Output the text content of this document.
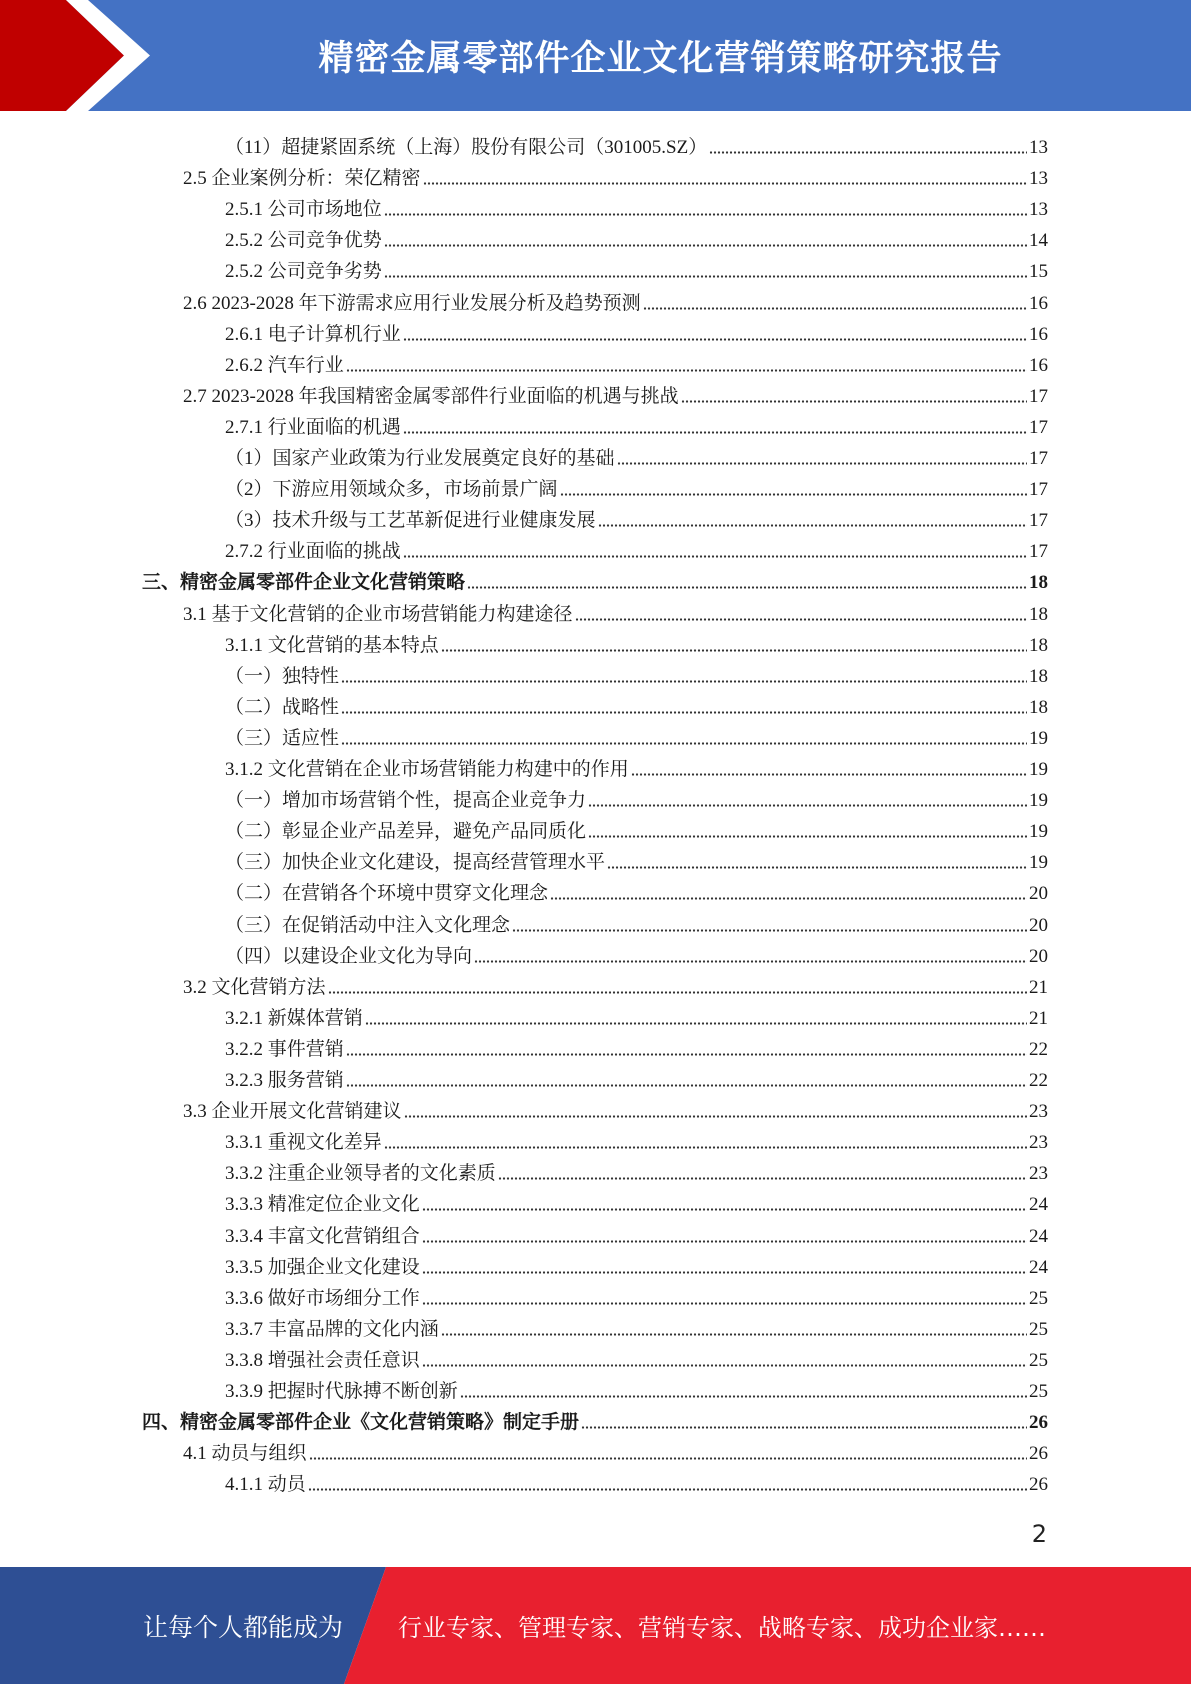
精密金属零部件企业文化营销策略研究报告
（11）超捷紧固系统（上海）股份有限公司（301005.SZ）	13
2.5 企业案例分析：荣亿精密	13
2.5.1 公司市场地位	13
2.5.2 公司竞争优势	14
2.5.2 公司竞争劣势	15
2.6 2023-2028 年下游需求应用行业发展分析及趋势预测	16
2.6.1 电子计算机行业	16
2.6.2 汽车行业	16
2.7 2023-2028 年我国精密金属零部件行业面临的机遇与挑战	17
2.7.1 行业面临的机遇	17
（1）国家产业政策为行业发展奠定良好的基础	17
（2）下游应用领域众多，市场前景广阔	17
（3）技术升级与工艺革新促进行业健康发展	17
2.7.2 行业面临的挑战	17
三、精密金属零部件企业文化营销策略	18
3.1 基于文化营销的企业市场营销能力构建途径	18
3.1.1 文化营销的基本特点	18
（一）独特性	18
（二）战略性	18
（三）适应性	19
3.1.2 文化营销在企业市场营销能力构建中的作用	19
（一）增加市场营销个性，提高企业竞争力	19
（二）彰显企业产品差异，避免产品同质化	19
（三）加快企业文化建设，提高经营管理水平	19
（二）在营销各个环境中贯穿文化理念	20
（三）在促销活动中注入文化理念	20
（四）以建设企业文化为导向	20
3.2 文化营销方法	21
3.2.1 新媒体营销	21
3.2.2 事件营销	22
3.2.3 服务营销	22
3.3 企业开展文化营销建议	23
3.3.1 重视文化差异	23
3.3.2 注重企业领导者的文化素质	23
3.3.3 精准定位企业文化	24
3.3.4 丰富文化营销组合	24
3.3.5 加强企业文化建设	24
3.3.6 做好市场细分工作	25
3.3.7 丰富品牌的文化内涵	25
3.3.8 增强社会责任意识	25
3.3.9 把握时代脉搏不断创新	25
四、精密金属零部件企业《文化营销策略》制定手册	26
4.1 动员与组织	26
4.1.1 动员	26
2
让每个人都能成为 行业专家、管理专家、营销专家、战略专家、成功企业家……
